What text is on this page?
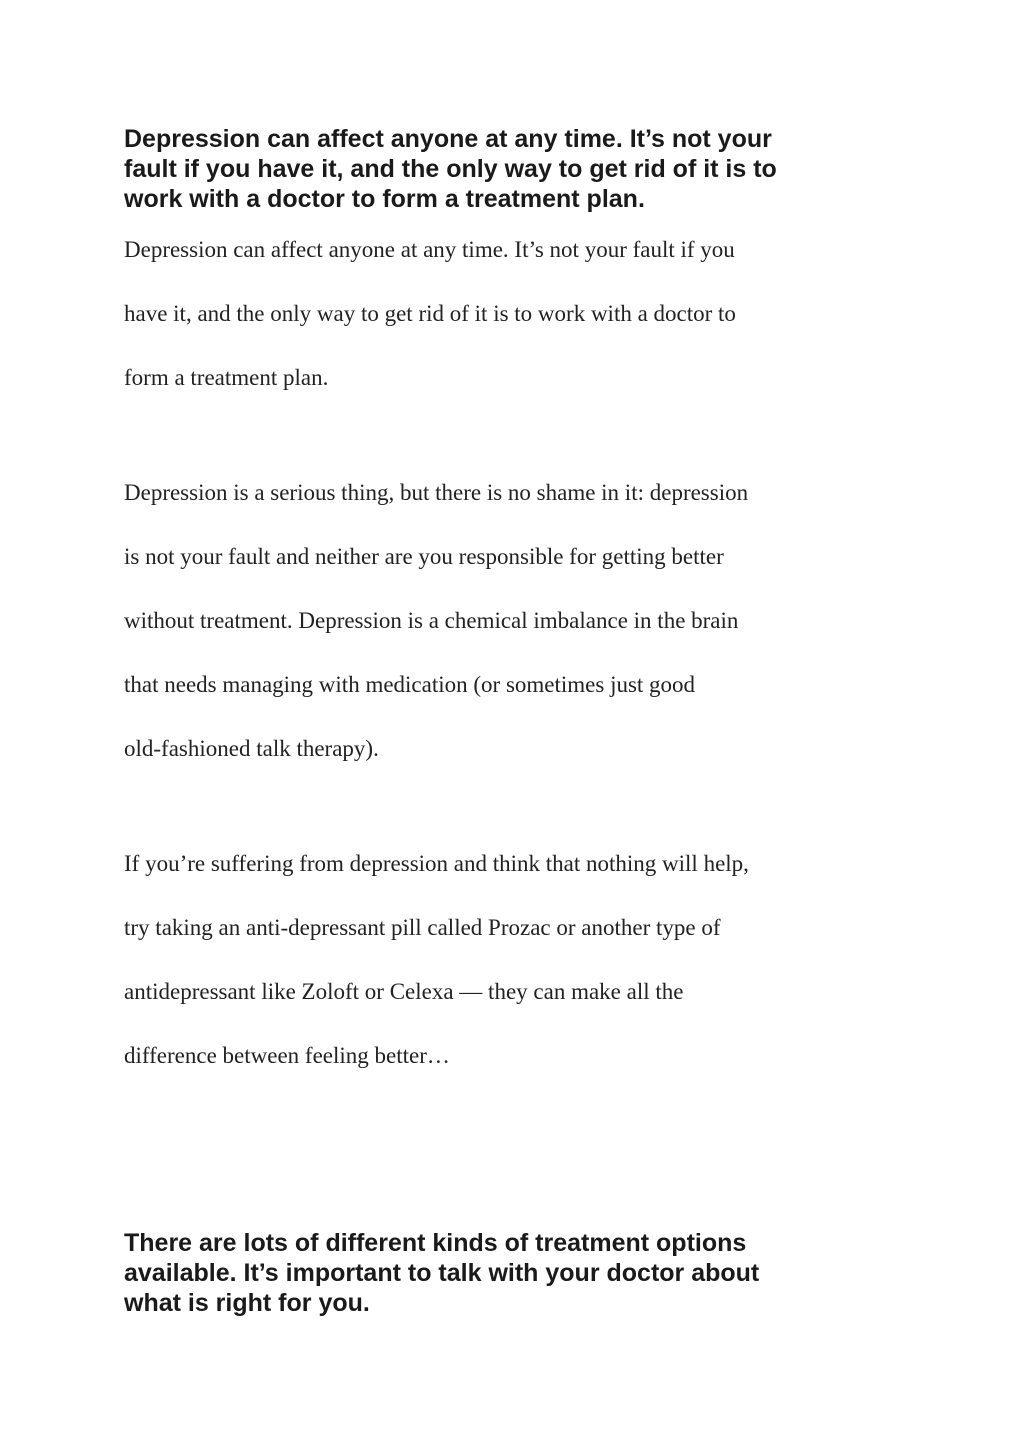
Depression can affect anyone at any time. It’s not your
fault if you have it, and the only way to get rid of it is to
work with a doctor to form a treatment plan.

Depression can affect anyone at any time. It’s not your fault if you
have it, and the only way to get rid of it is to work with a doctor to
form a treatment plan.

Depression is a serious thing, but there is no shame in it: depression
is not your fault and neither are you responsible for getting better
without treatment. Depression is a chemical imbalance in the brain
that needs managing with medication (or sometimes just good
old-fashioned talk therapy).

If you’re suffering from depression and think that nothing will help,
try taking an anti-depressant pill called Prozac or another type of
antidepressant like Zoloft or Celexa — they can make all the
difference between feeling better…

There are lots of different kinds of treatment options
available. It’s important to talk with your doctor about
what is right for you.
